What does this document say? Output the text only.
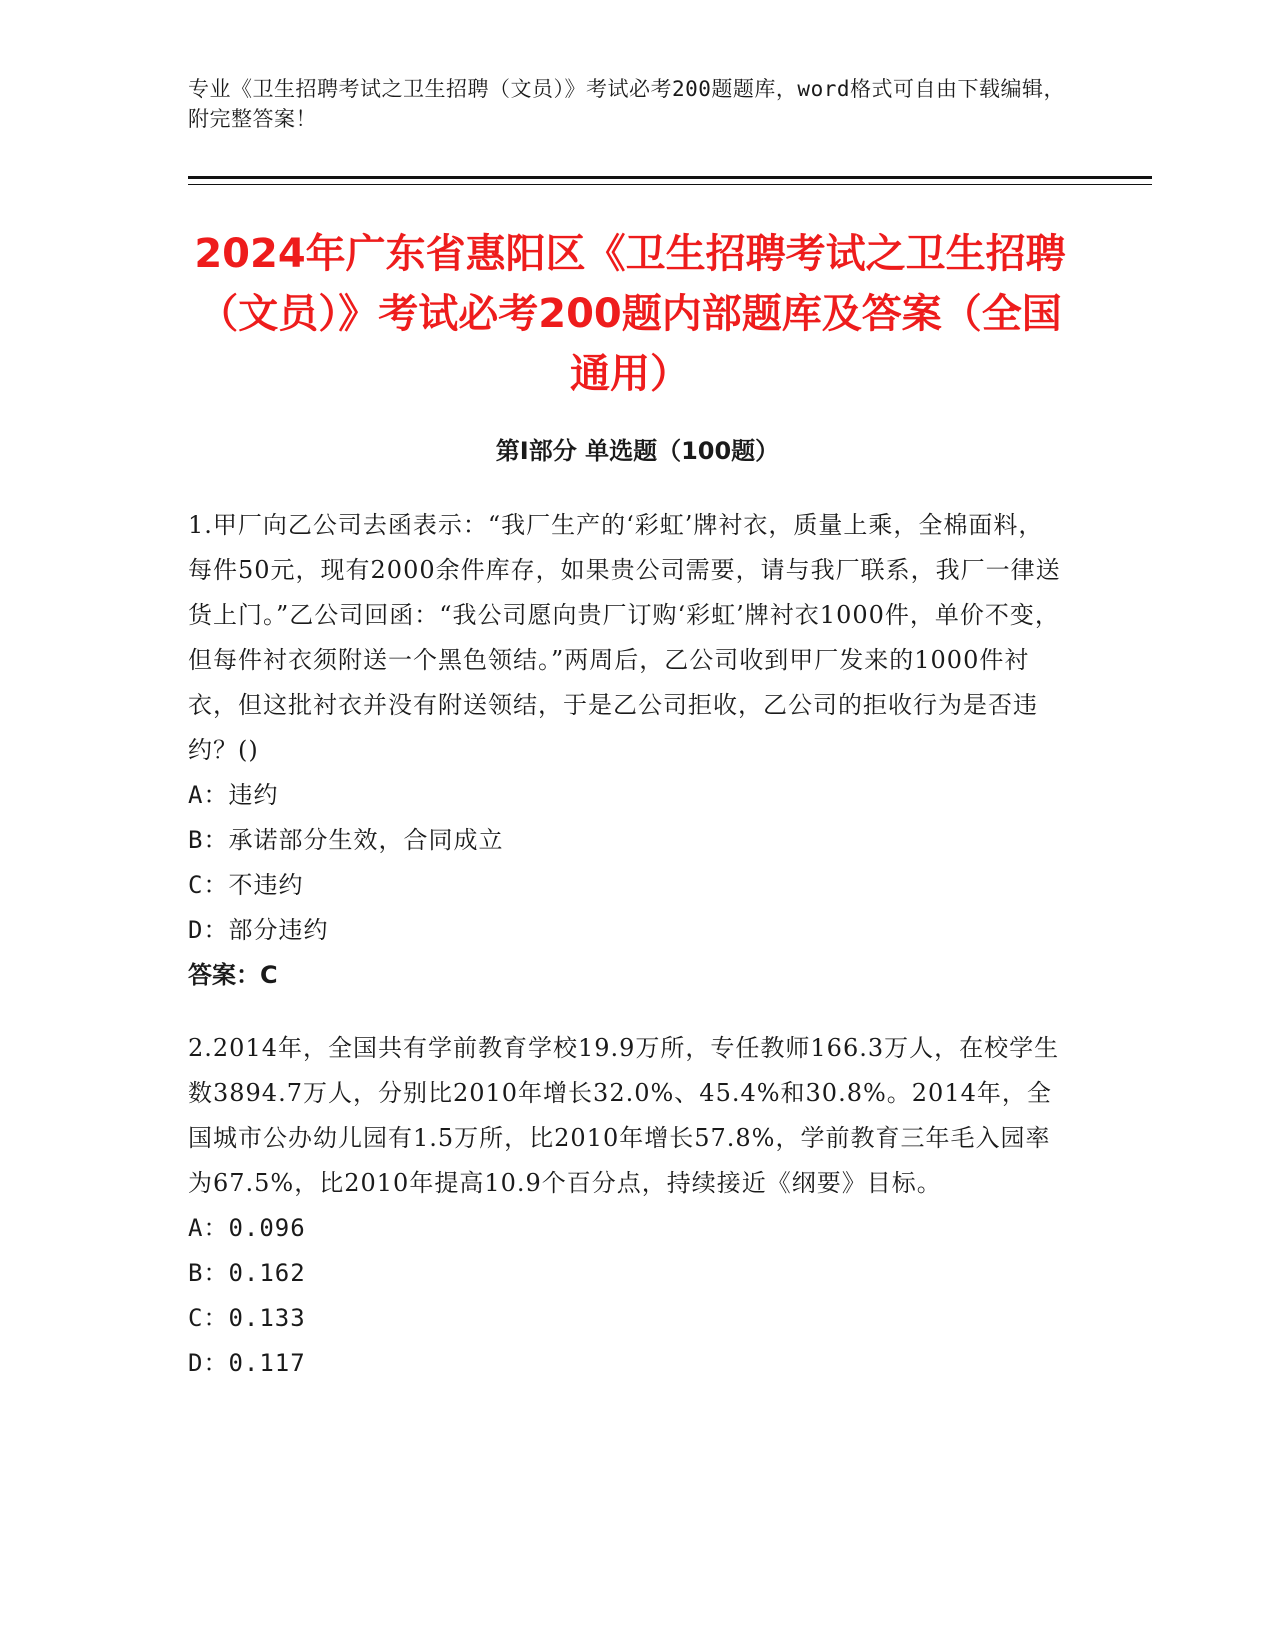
专业《卫生招聘考试之卫生招聘（文员）》考试必考200题题库，word格式可自由下载编辑，附完整答案！
2024年广东省惠阳区《卫生招聘考试之卫生招聘（文员）》考试必考200题内部题库及答案（全国通用）
第I部分 单选题（100题）

1.甲厂向乙公司去函表示：“我厂生产的‘彩虹’牌衬衣，质量上乘，全棉面料，每件50元，现有2000余件库存，如果贵公司需要，请与我厂联系，我厂一律送货上门。”乙公司回函：“我公司愿向贵厂订购‘彩虹’牌衬衣1000件，单价不变，但每件衬衣须附送一个黑色领结。”两周后，乙公司收到甲厂发来的1000件衬衣，但这批衬衣并没有附送领结，于是乙公司拒收，乙公司的拒收行为是否违约？()

A：违约

B：承诺部分生效，合同成立

C：不违约

D：部分违约

答案：C

2.2014年，全国共有学前教育学校19.9万所，专任教师166.3万人，在校学生数3894.7万人，分别比2010年增长32.0%、45.4%和30.8%。2014年，全国城市公办幼儿园有1.5万所，比2010年增长57.8%，学前教育三年毛入园率为67.5%，比2010年提高10.9个百分点，持续接近《纲要》目标。

A：0.096

B：0.162

C：0.133

D：0.117
